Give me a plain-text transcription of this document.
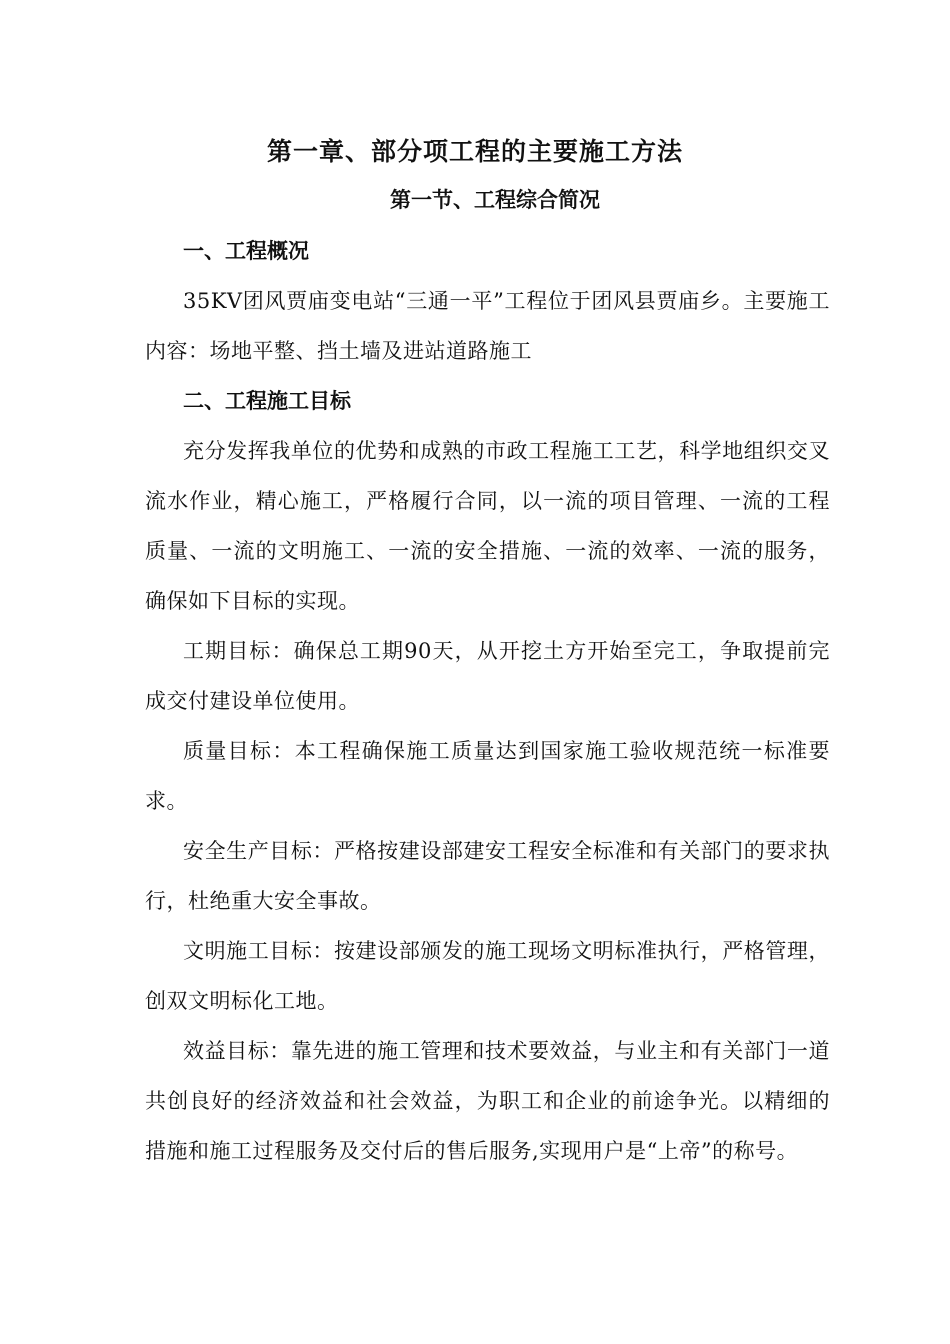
第一章、部分项工程的主要施工方法
第一节、工程综合简况

一、工程概况

35KV团风贾庙变电站“三通一平”工程位于团风县贾庙乡。主要施工内容：场地平整、挡土墙及进站道路施工

二、工程施工目标

充分发挥我单位的优势和成熟的市政工程施工工艺，科学地组织交叉流水作业，精心施工，严格履行合同，以一流的项目管理、一流的工程质量、一流的文明施工、一流的安全措施、一流的效率、一流的服务，确保如下目标的实现。

工期目标：确保总工期90天，从开挖土方开始至完工，争取提前完成交付建设单位使用。

质量目标：本工程确保施工质量达到国家施工验收规范统一标准要求。

安全生产目标：严格按建设部建安工程安全标准和有关部门的要求执行，杜绝重大安全事故。

文明施工目标：按建设部颁发的施工现场文明标准执行，严格管理，创双文明标化工地。

效益目标：靠先进的施工管理和技术要效益，与业主和有关部门一道共创良好的经济效益和社会效益，为职工和企业的前途争光。以精细的措施和施工过程服务及交付后的售后服务,实现用户是“上帝”的称号。
